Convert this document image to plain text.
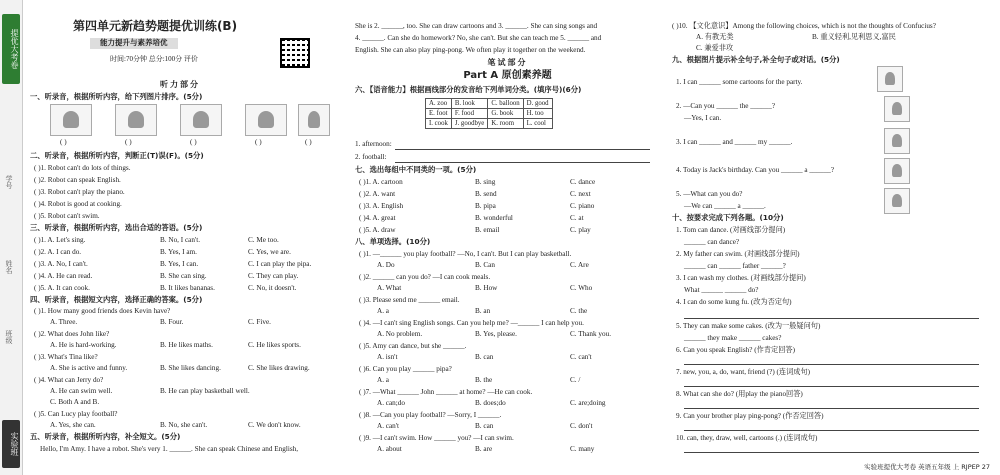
提优大考卷
学号
姓名
班级
实验班
第四单元新趋势题提优训练(B)
能力提升与素养培优
时间:70分钟 总分:100分 评价
听力部分
一、听录音，根据所听内容，给下列图片排序。(5分)
( )	( )	( )	( )	( )
二、听录音，根据所听内容，判断正(T)误(F)。(5分)
( )1. Robot can't do lots of things.
( )2. Robot can speak English.
( )3. Robot can't play the piano.
( )4. Robot is good at cooking.
( )5. Robot can't swim.
三、听录音，根据所听内容，选出合适的答语。(5分)
( )1. A. Let's sing.	B. No, I can't.	C. Me too.
( )2. A. I can do.	B. Yes, I am.	C. Yes, we are.
( )3. A. No, I can't.	B. Yes, I can.	C. I can play the pipa.
( )4. A. He can read.	B. She can sing.	C. They can play.
( )5. A. It can cook.	B. It likes bananas.	C. No, it doesn't.
四、听录音，根据短文内容，选择正确的答案。(5分)
( )1. How many good friends does Kevin have?
A. Three.	B. Four.	C. Five.
( )2. What does John like?
A. He is hard-working.	B. He likes maths.	C. He likes sports.
( )3. What's Tina like?
A. She is active and funny.	B. She likes dancing.	C. She likes drawing.
( )4. What can Jerry do?
A. He can swim well.	B. He can play basketball well.
C. Both A and B.
( )5. Can Lucy play football?
A. Yes, she can.	B. No, she can't.	C. We don't know.
五、听录音，根据所听内容，补全短文。(5分)
Hello, I'm Amy. I have a robot. She's very 1. ______. She can speak Chinese and English,
She is 2. ______, too. She can draw cartoons and 3. ______. She can sing songs and
4. ______. Can she do homework? No, she can't. But she can teach me 5. ______ and
English. She can also play ping-pong. We often play it together on the weekend.
笔试部分
Part A 原创素养题
六、【语音能力】根据画线部分的发音给下列单词分类。(填序号)(6分)
A. zoo	B. look	C. balloon	D. good
E. foot	F. food	G. book	H. too
I. cook	J. goodbye	K. room	L. cool
1. afternoon:
2. football:
七、选出每组中不同类的一项。(5分)
( )1. A. cartoon	B. sing	C. dance
( )2. A. want	B. send	C. next
( )3. A. English	B. pipa	C. piano
( )4. A. great	B. wonderful	C. at
( )5. A. draw	B. email	C. play
八、单项选择。(10分)
( )1. —______ you play football? —No, I can't. But I can play basketball.
A. Do	B. Can	C. Are
( )2. ______ can you do? —I can cook meals.
A. What	B. How	C. Who
( )3. Please send me ______ email.
A. a	B. an	C. the
( )4. —I can't sing English songs. Can you help me? —______ I can help you.
A. No problem.	B. Yes, please.	C. Thank you.
( )5. Amy can dance, but she ______.
A. isn't	B. can	C. can't
( )6. Can you play ______ pipa?
A. a	B. the	C. /
( )7. —What ______ John ______ at home? —He can cook.
A. can;do	B. does;do	C. are;doing
( )8. —Can you play football? —Sorry, I ______.
A. can't	B. can	C. don't
( )9. —I can't swim. How ______ you? —I can swim.
A. about	B. are	C. many
( )10. 【文化意识】Among the following choices, which is not the thoughts of Confucius?
A. 有教无类	B. 重义轻利,见利思义,富民
C. 兼爱非攻
九、根据图片提示补全句子,补全句子或对话。(5分)
1. I can ______ some cartoons for the party.
2. —Can you ______ the ______?
—Yes, I can.
3. I can ______ and ______ my ______.
4. Today is Jack's birthday. Can you ______ a ______?
5. —What can you do?
—We can ______ a ______.
十、按要求完成下列各题。(10分)
1. Tom can dance. (对画线部分提问)
______ can dance?
2. My father can swim. (对画线部分提问)
______ can ______ father ______?
3. I can wash my clothes. (对画线部分提问)
What ______ ______ do?
4. I can do some kung fu. (改为否定句)
5. They can make some cakes. (改为一般疑问句)
______ they make ______ cakes?
6. Can you speak English? (作肯定回答)
7. new, you, a, do, want, friend (?) (连词成句)
8. What can she do? (用play the piano回答)
9. Can your brother play ping-pong? (作否定回答)
10. can, they, draw, well, cartoons (.) (连词成句)
实验班提优大考卷 英语五年级 上 RJPEP 27
